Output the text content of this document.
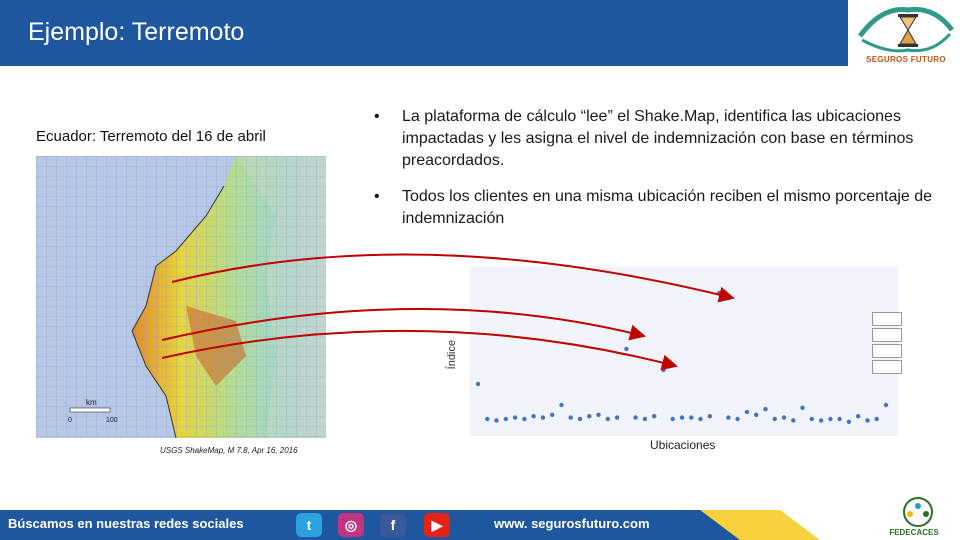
Ejemplo: Terremoto
SEGUROS FUTURO
Ecuador: Terremoto del 16 de abril
km
0	100
USGS ShakeMap, M 7.8, Apr 16, 2016
• La plataforma de cálculo “lee” el Shake.Map, identifica las ubicaciones impactadas y les asigna el nivel de indemnización con base en términos preacordados.
• Todos los clientes en una misma ubicación reciben el mismo porcentaje de indemnización
Índice
Ubicaciones
Búscamos en nuestras redes sociales	t	◎	f	▶	www. segurosfuturo.com
FEDECACES
